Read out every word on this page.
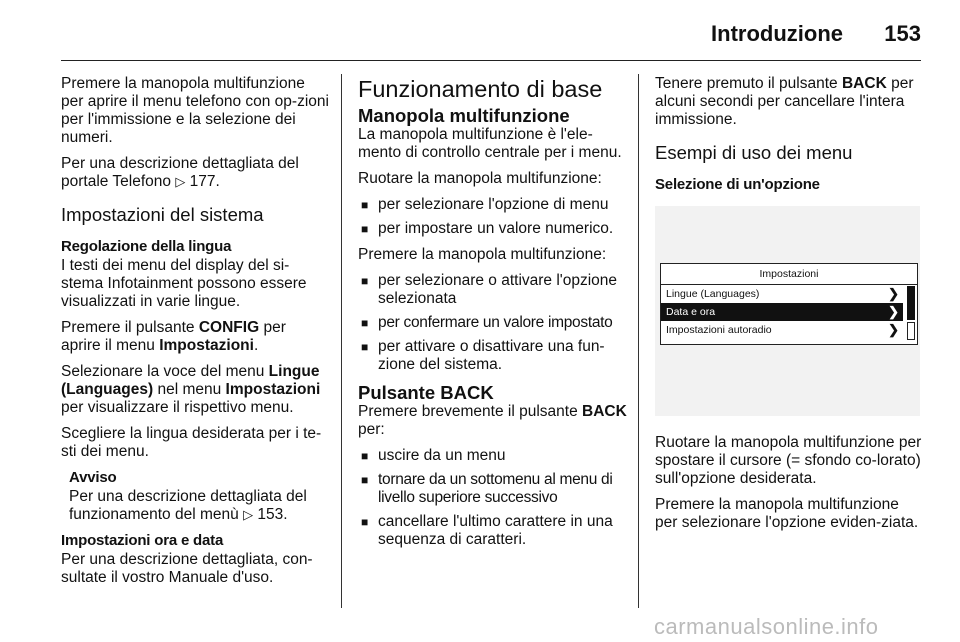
Introduzione 153

Premere la manopola multifunzione per aprire il menu telefono con op-zioni per l'immissione e la selezione dei numeri.

Per una descrizione dettagliata del portale Telefono ▷ 177.

Impostazioni del sistema
Regolazione della lingua

I testi dei menu del display del si-stema Infotainment possono essere visualizzati in varie lingue.

Premere il pulsante CONFIG per aprire il menu Impostazioni.

Selezionare la voce del menu Lingue (Languages) nel menu Impostazioni per visualizzare il rispettivo menu.

Scegliere la lingua desiderata per i te-sti dei menu.

Avviso
Per una descrizione dettagliata del funzionamento del menù ▷ 153.
Impostazioni ora e data

Per una descrizione dettagliata, con-sultate il vostro Manuale d'uso.

Funzionamento di base
Manopola multifunzione

La manopola multifunzione è l'ele-mento di controllo centrale per i menu.

Ruotare la manopola multifunzione:

■ per selezionare l'opzione di menu
■ per impostare un valore numerico.

Premere la manopola multifunzione:

■ per selezionare o attivare l'opzione selezionata
■ per confermare un valore impostato
■ per attivare o disattivare una fun-zione del sistema.
Pulsante BACK

Premere brevemente il pulsante BACK per:

■ uscire da un menu
■ tornare da un sottomenu al menu di livello superiore successivo
■ cancellare l'ultimo carattere in una sequenza di caratteri.

Tenere premuto il pulsante BACK per alcuni secondi per cancellare l'intera immissione.

Esempi di uso dei menu
Selezione di un'opzione
Impostazioni
Lingue (Languages)	❯
Data e ora	❯
Impostazioni autoradio	❯

Ruotare la manopola multifunzione per spostare il cursore (= sfondo co-lorato) sull'opzione desiderata.

Premere la manopola multifunzione per selezionare l'opzione eviden-ziata.

carmanualsonline.info
